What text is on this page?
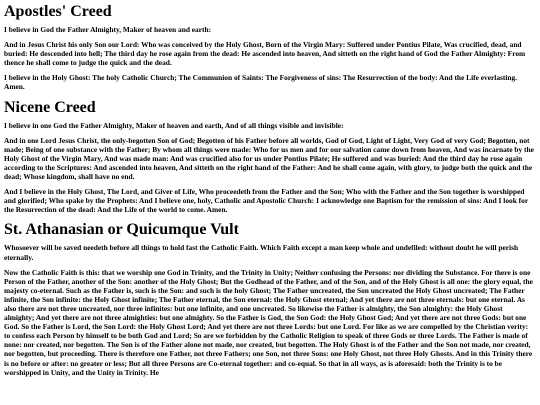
Apostles' Creed

I believe in God the Father Almighty, Maker of heaven and earth:

And in Jesus Christ his only Son our Lord: Who was conceived by the Holy Ghost, Born of the Virgin Mary: Suffered under Pontius Pilate, Was crucified, dead, and buried: He descended into hell; The third day he rose again from the dead: He ascended into heaven, And sitteth on the right hand of God the Father Almighty: From thence he shall come to judge the quick and the dead.

I believe in the Holy Ghost: The holy Catholic Church; The Communion of Saints: The Forgiveness of sins: The Resurrection of the body: And the Life everlasting. Amen.

Nicene Creed

I believe in one God the Father Almighty, Maker of heaven and earth, And of all things visible and invisible:

And in one Lord Jesus Christ, the only-begotten Son of God; Begotten of his Father before all worlds, God of God, Light of Light, Very God of very God; Begotten, not made; Being of one substance with the Father; By whom all things were made: Who for us men and for our salvation came down from heaven, And was incarnate by the Holy Ghost of the Virgin Mary, And was made man: And was crucified also for us under Pontius Pilate; He suffered and was buried: And the third day he rose again according to the Scriptures: And ascended into heaven, And sitteth on the right hand of the Father: And he shall come again, with glory, to judge both the quick and the dead; Whose kingdom, shall have no end.

And I believe in the Holy Ghost, The Lord, and Giver of Life, Who proceedeth from the Father and the Son; Who with the Father and the Son together is worshipped and glorified; Who spake by the Prophets: And I believe one, holy, Catholic and Apostolic Church: I acknowledge one Baptism for the remission of sins: And I look for the Resurrection of the dead: And the Life of the world to come. Amen.

St. Athanasian or Quicumque Vult

Whosoever will be saved needeth before all things to hold fast the Catholic Faith. Which Faith except a man keep whole and undefiled: without doubt he will perish eternally.

Now the Catholic Faith is this: that we worship one God in Trinity, and the Trinity in Unity; Neither confusing the Persons: nor dividing the Substance. For there is one Person of the Father, another of the Son: another of the Holy Ghost; But the Godhead of the Father, and of the Son, and of the Holy Ghost is all one: the glory equal, the majesty co-eternal. Such as the Father is, such is the Son: and such is the holy Ghost; The Father uncreated, the Son uncreated the Holy Ghost uncreated; The Father infinite, the Son infinite: the Holy Ghost infinite; The Father eternal, the Son eternal: the Holy Ghost eternal; And yet there are not three eternals: but one eternal. As also there are not three uncreated, nor three infinites: but one infinite, and one uncreated. So likewise the Father is almighty, the Son almighty: the Holy Ghost almighty; And yet there are not three almighties: but one almighty. So the Father is God, the Son God: the Holy Ghost God; And yet there are not three Gods: but one God. So the Father is Lord, the Son Lord: the Holy Ghost Lord; And yet there are not three Lords: but one Lord. For like as we are compelled by the Christian verity: to confess each Person by himself to be both God and Lord; So are we forbidden by the Catholic Religion to speak of three Gods or three Lords. The Father is made of none: nor created, nor begotten. The Son is of the Father alone not made, nor created, but begotten. The Holy Ghost is of the Father and the Son not made, nor created, nor begotten, but proceeding. There is therefore one Father, not three Fathers; one Son, not three Sons: one Holy Ghost, not three Holy Ghosts. And in this Trinity there is no before or after: no greater or less; But all three Persons are Co-eternal together: and co-equal. So that in all ways, as is aforesaid: both the Trinity is to be worshipped in Unity, and the Unity in Trinity. He
